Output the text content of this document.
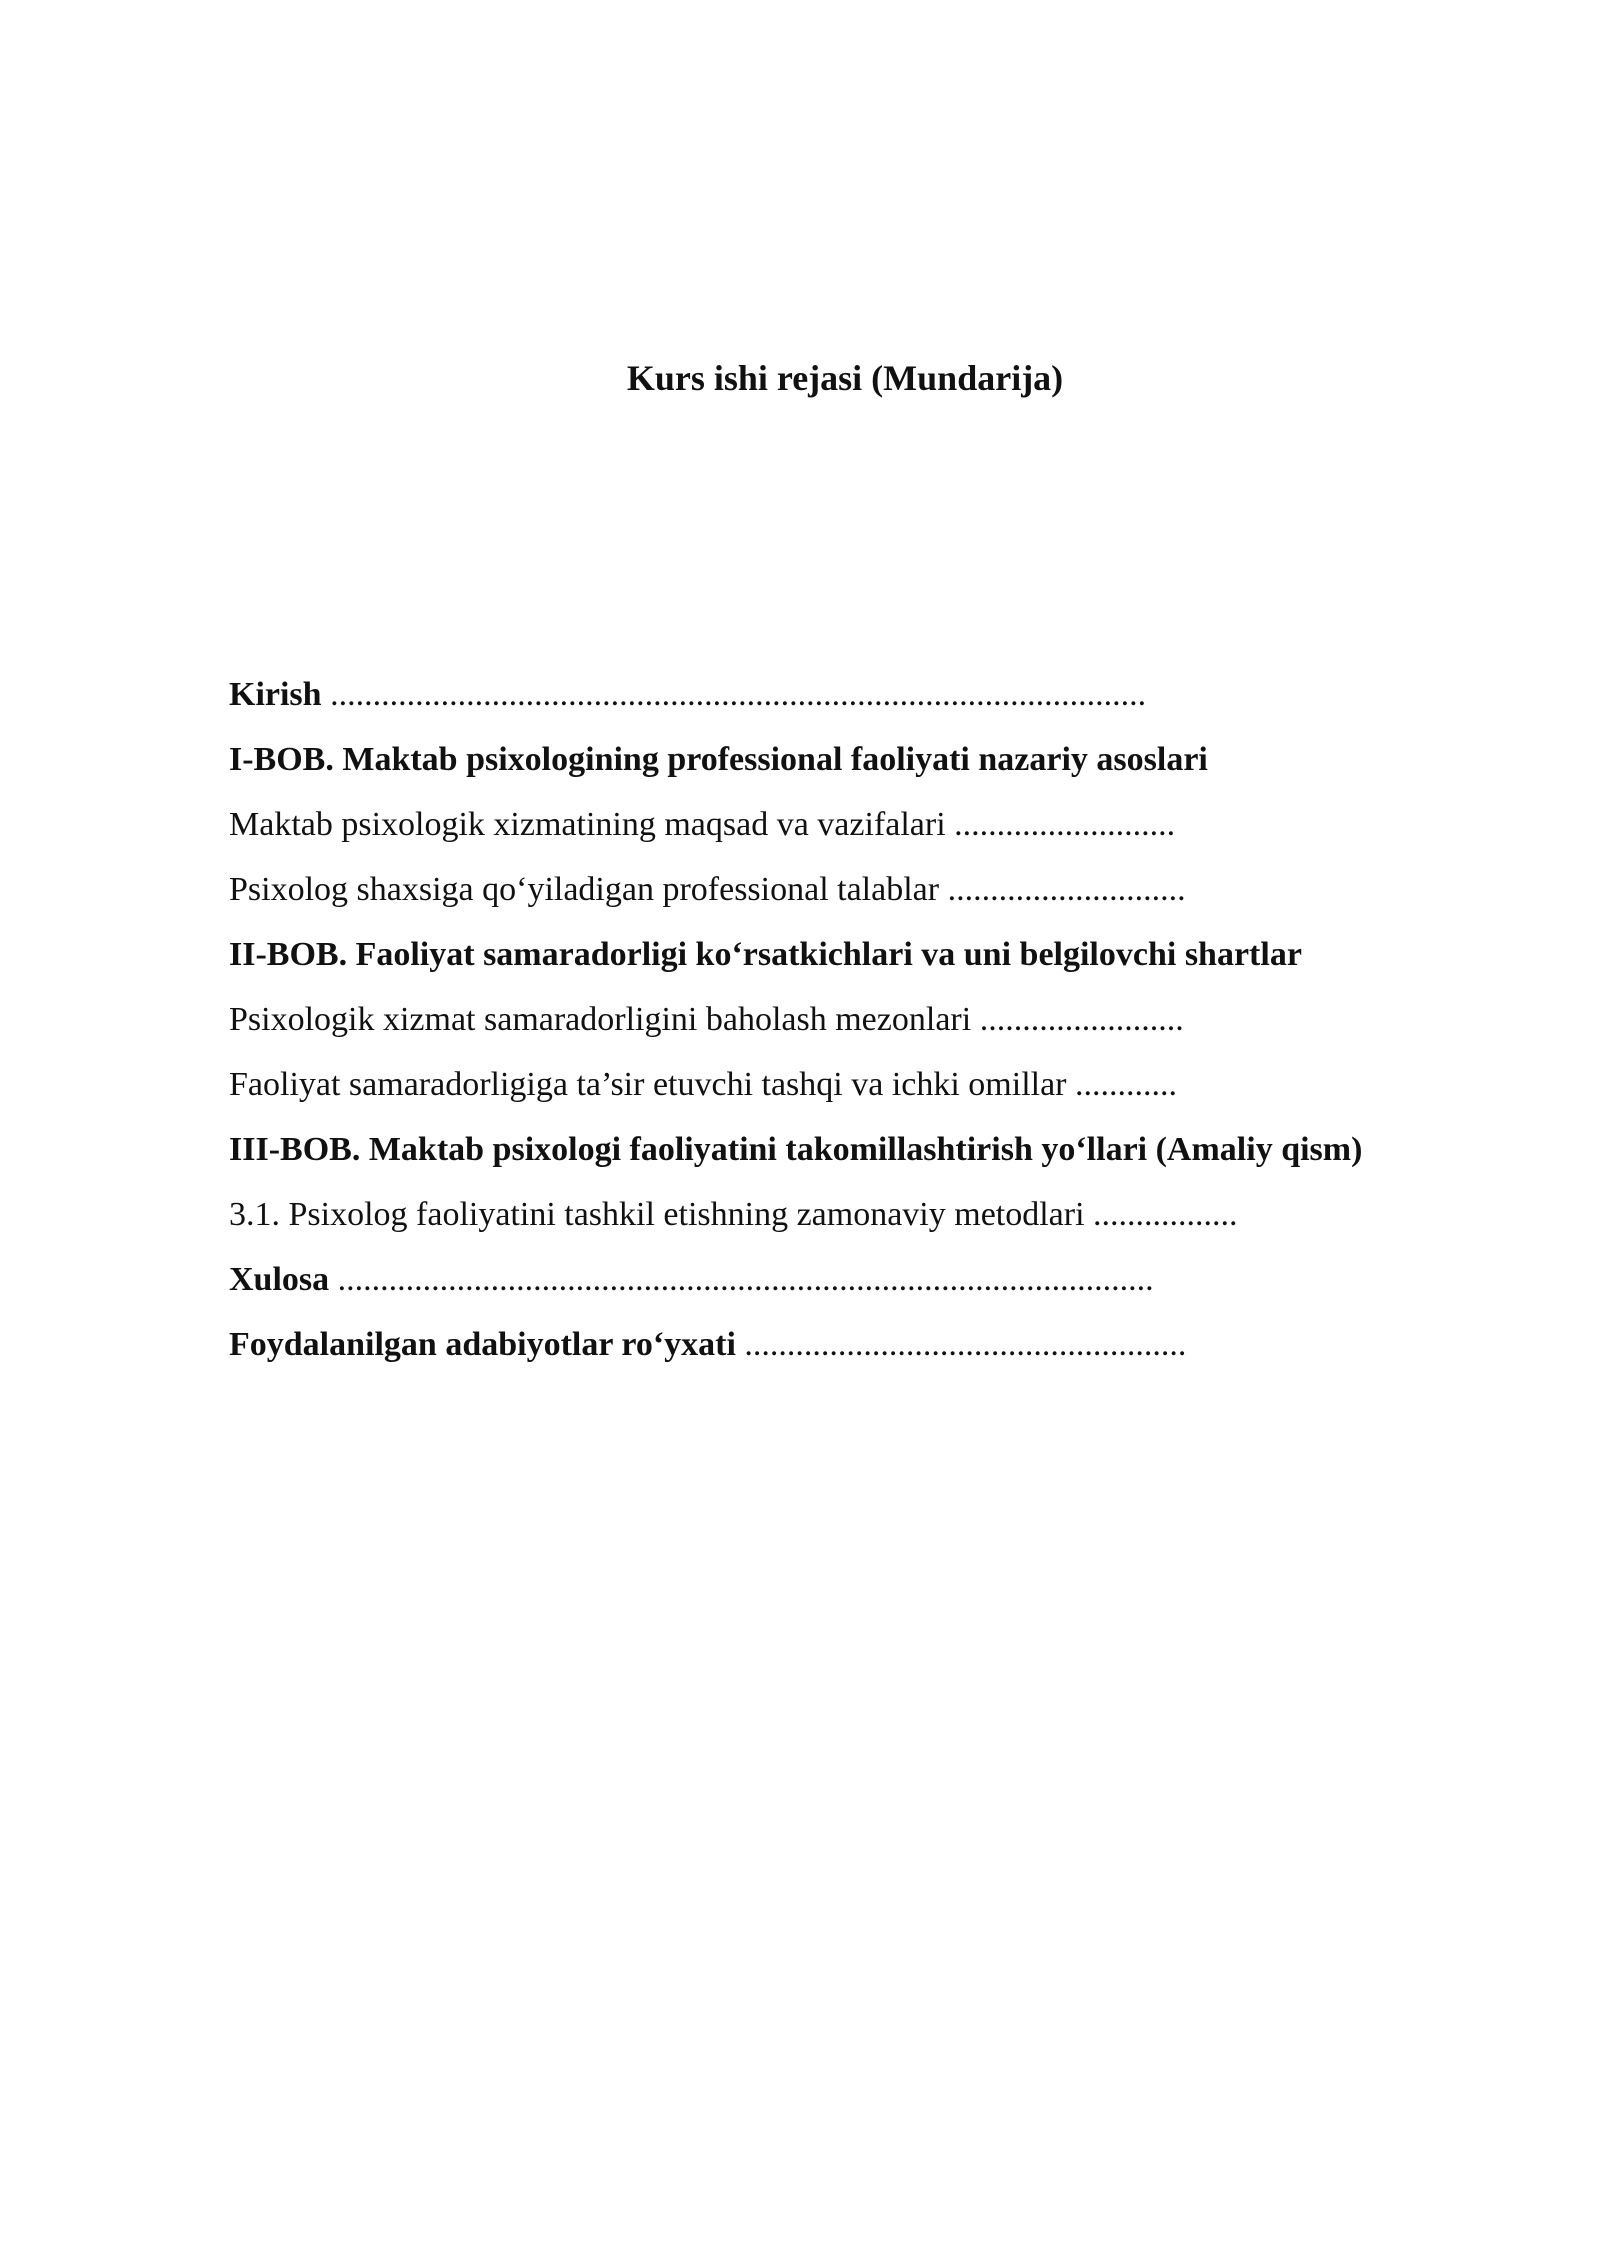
Kurs ishi rejasi (Mundarija)
Kirish ................................................................................................
I-BOB. Maktab psixologining professional faoliyati nazariy asoslari
Maktab psixologik xizmatining maqsad va vazifalari ..........................
Psixolog shaxsiga qo‘yiladigan professional talablar ............................
II-BOB. Faoliyat samaradorligi ko‘rsatkichlari va uni belgilovchi shartlar
Psixologik xizmat samaradorligini baholash mezonlari ........................
Faoliyat samaradorligiga ta’sir etuvchi tashqi va ichki omillar ............
III-BOB. Maktab psixologi faoliyatini takomillashtirish yo‘llari (Amaliy qism)
3.1. Psixolog faoliyatini tashkil etishning zamonaviy metodlari .................
Xulosa ................................................................................................
Foydalanilgan adabiyotlar ro‘yxati ....................................................
